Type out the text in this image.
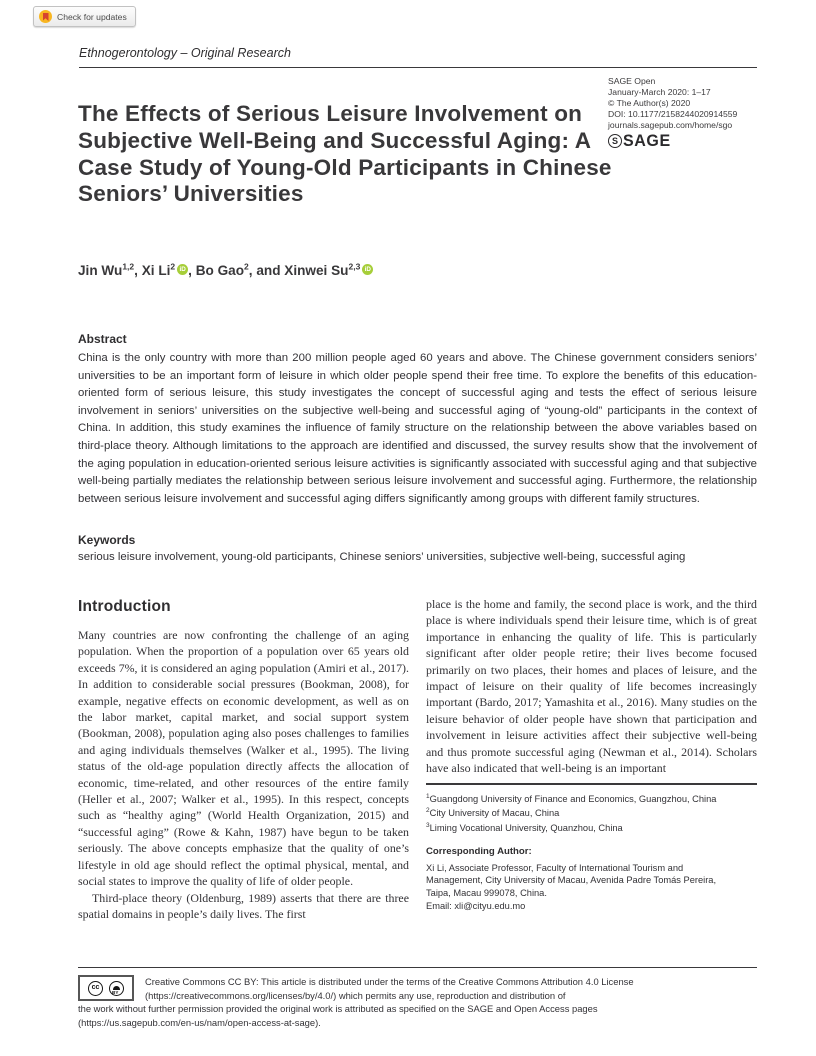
Check for updates
Ethnogerontology – Original Research
The Effects of Serious Leisure Involvement on Subjective Well-Being and Successful Aging: A Case Study of Young-Old Participants in Chinese Seniors’ Universities
SAGE Open
January-March 2020: 1–17
© The Author(s) 2020
DOI: 10.1177/2158244020914559
journals.sagepub.com/home/sgo
S SAGE
Jin Wu$^{1,2}$, Xi Li$^2$ iD , Bo Gao$^2$, and Xinwei Su$^{2,3}$ iD
Abstract
China is the only country with more than 200 million people aged 60 years and above. The Chinese government considers seniors’ universities to be an important form of leisure in which older people spend their free time. To explore the benefits of this education-oriented form of serious leisure, this study investigates the concept of successful aging and tests the effect of serious leisure involvement in seniors’ universities on the subjective well-being and successful aging of “young-old” participants in the context of China. In addition, this study examines the influence of family structure on the relationship between the above variables based on third-place theory. Although limitations to the approach are identified and discussed, the survey results show that the involvement of the aging population in education-oriented serious leisure activities is significantly associated with successful aging and that subjective well-being partially mediates the relationship between serious leisure involvement and successful aging. Furthermore, the relationship between serious leisure involvement and successful aging differs significantly among groups with different family structures.
Keywords
serious leisure involvement, young-old participants, Chinese seniors’ universities, subjective well-being, successful aging
Introduction

Many countries are now confronting the challenge of an aging population. When the proportion of a population over 65 years old exceeds 7%, it is considered an aging population (Amiri et al., 2017). In addition to considerable social pressures (Bookman, 2008), for example, negative effects on economic development, as well as on the labor market, capital market, and social support system (Bookman, 2008), population aging also poses challenges to families and aging individuals themselves (Walker et al., 1995). The living status of the old-age population directly affects the allocation of economic, time-related, and other resources of the entire family (Heller et al., 2007; Walker et al., 1995). In this respect, concepts such as “healthy aging” (World Health Organization, 2015) and “successful aging” (Rowe & Kahn, 1987) have begun to be taken seriously. The above concepts emphasize that the quality of one’s lifestyle in old age should reflect the optimal physical, mental, and social states to improve the quality of life of older people.

Third-place theory (Oldenburg, 1989) asserts that there are three spatial domains in people’s daily lives. The first

place is the home and family, the second place is work, and the third place is where individuals spend their leisure time, which is of great importance in enhancing the quality of life. This is particularly significant after older people retire; their lives become focused primarily on two places, their homes and places of leisure, and the impact of leisure on their quality of life becomes increasingly important (Bardo, 2017; Yamashita et al., 2016). Many studies on the leisure behavior of older people have shown that participation and involvement in leisure activities affect their subjective well-being and thus promote successful aging (Newman et al., 2014). Scholars have also indicated that well-being is an important

$^1$Guangdong University of Finance and Economics, Guangzhou, China
$^2$City University of Macau, China
$^3$Liming Vocational University, Quanzhou, China
Corresponding Author:
Xi Li, Associate Professor, Faculty of International Tourism and
Management, City University of Macau, Avenida Padre Tomás Pereira,
Taipa, Macau 999078, China.
Email: xli@cityu.edu.mo
cc
BY
Creative Commons CC BY: This article is distributed under the terms of the Creative Commons Attribution 4.0 License
(https://creativecommons.org/licenses/by/4.0/) which permits any use, reproduction and distribution of
the work without further permission provided the original work is attributed as specified on the SAGE and Open Access pages
(https://us.sagepub.com/en-us/nam/open-access-at-sage).
